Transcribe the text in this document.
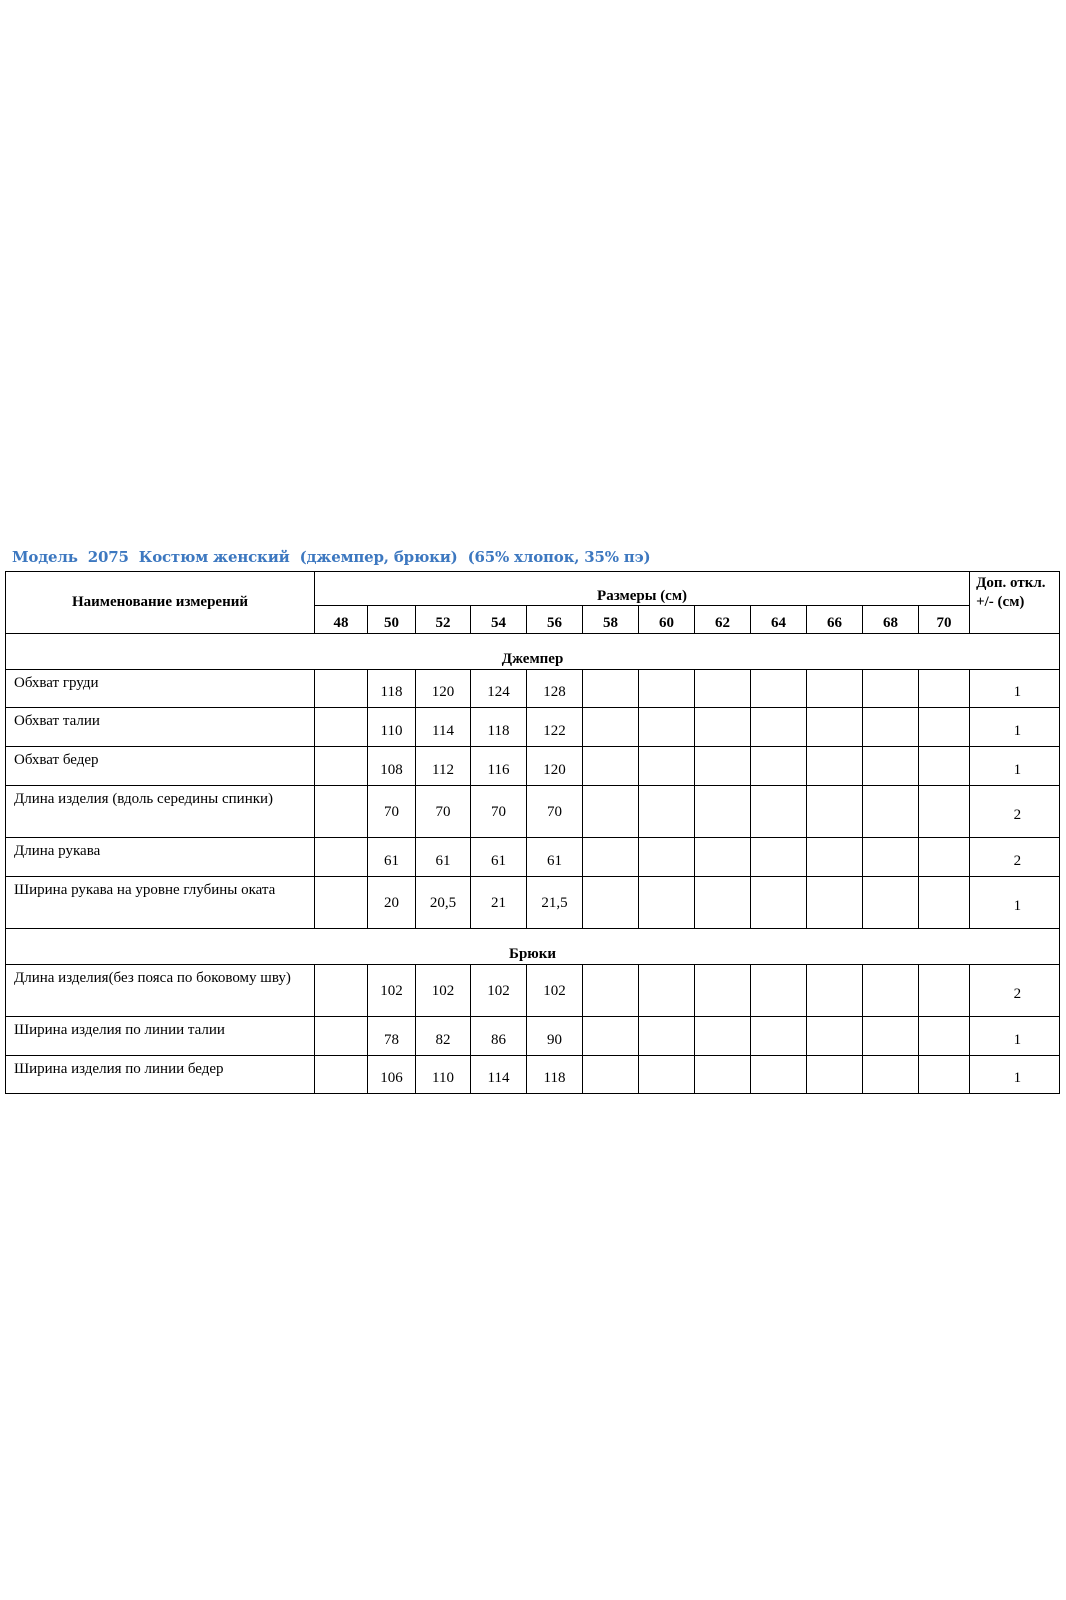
Модель  2075  Костюм женский  (джемпер, брюки)  (65% хлопок, 35% пэ)
Наименование измерений	Размеры (см)												Доп. откл. +/- (см)
	48	50	52	54	56	58	60	62	64	66	68	70	
Джемпер													
Обхват груди		118	120	124	128								1
Обхват талии		110	114	118	122								1
Обхват бедер		108	112	116	120								1
Длина изделия (вдоль середины спинки)		70	70	70	70								2
Длина рукава		61	61	61	61								2
Ширина рукава на уровне глубины оката		20	20,5	21	21,5								1
Брюки													
Длина изделия(без пояса по боковому шву)		102	102	102	102								2
Ширина изделия по линии талии		78	82	86	90								1
Ширина изделия по линии бедер		106	110	114	118								1
